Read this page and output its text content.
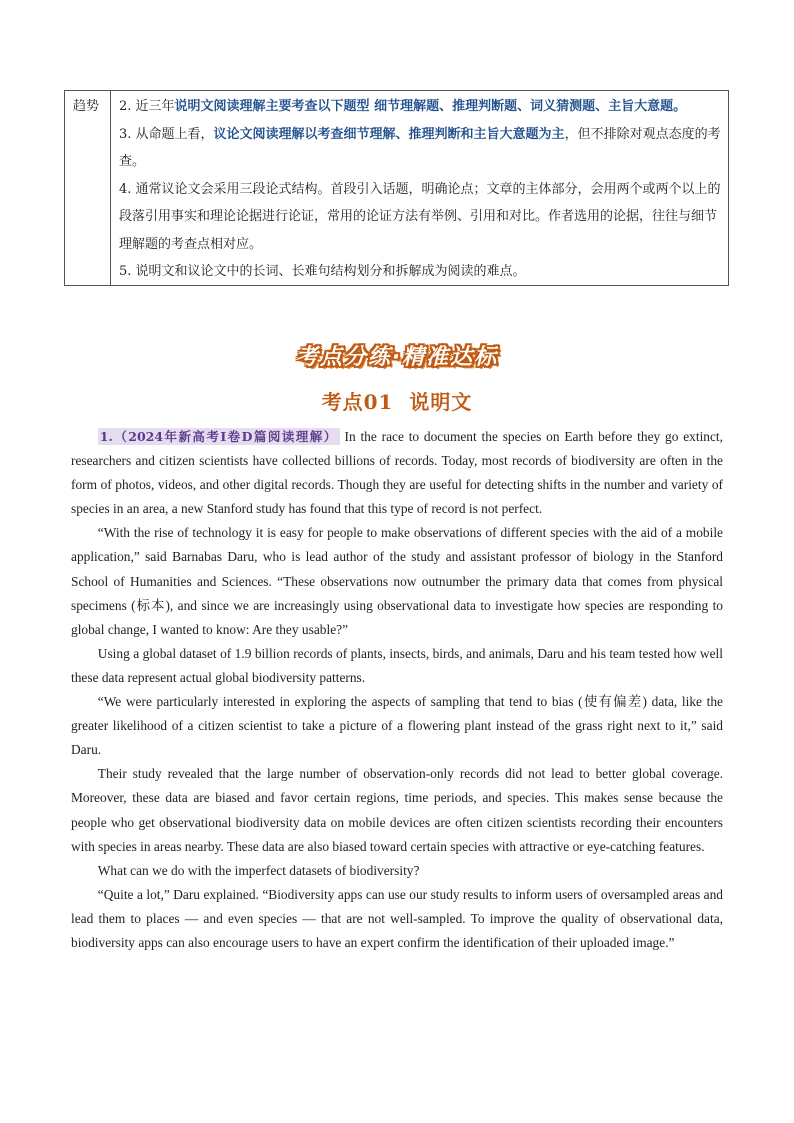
趋势	2. 近三年说明文阅读理解主要考查以下题型 细节理解题、推理判断题、词义猜测题、主旨大意题。

3. 从命题上看，议论文阅读理解以考查细节理解、推理判断和主旨大意题为主，但不排除对观点态度的考查。

4. 通常议论文会采用三段论式结构。首段引入话题，明确论点；文章的主体部分，会用两个或两个以上的段落引用事实和理论论据进行论证，常用的论证方法有举例、引用和对比。作者选用的论据，往往与细节理解题的考查点相对应。

5. 说明文和议论文中的长词、长难句结构划分和拆解成为阅读的难点。

考点分练·精准达标
考点01 说明文

1.（2024年新高考I卷D篇阅读理解） In the race to document the species on Earth before they go extinct, researchers and citizen scientists have collected billions of records. Today, most records of biodiversity are often in the form of photos, videos, and other digital records. Though they are useful for detecting shifts in the number and variety of species in an area, a new Stanford study has found that this type of record is not perfect.

“With the rise of technology it is easy for people to make observations of different species with the aid of a mobile application,” said Barnabas Daru, who is lead author of the study and assistant professor of biology in the Stanford School of Humanities and Sciences. “These observations now outnumber the primary data that comes from physical specimens (标本), and since we are increasingly using observational data to investigate how species are responding to global change, I wanted to know: Are they usable?”

Using a global dataset of 1.9 billion records of plants, insects, birds, and animals, Daru and his team tested how well these data represent actual global biodiversity patterns.

“We were particularly interested in exploring the aspects of sampling that tend to bias (使有偏差) data, like the greater likelihood of a citizen scientist to take a picture of a flowering plant instead of the grass right next to it,” said Daru.

Their study revealed that the large number of observation-only records did not lead to better global coverage. Moreover, these data are biased and favor certain regions, time periods, and species. This makes sense because the people who get observational biodiversity data on mobile devices are often citizen scientists recording their encounters with species in areas nearby. These data are also biased toward certain species with attractive or eye-catching features.

What can we do with the imperfect datasets of biodiversity?

“Quite a lot,” Daru explained. “Biodiversity apps can use our study results to inform users of oversampled areas and lead them to places — and even species — that are not well-sampled. To improve the quality of observational data, biodiversity apps can also encourage users to have an expert confirm the identification of their uploaded image.”
